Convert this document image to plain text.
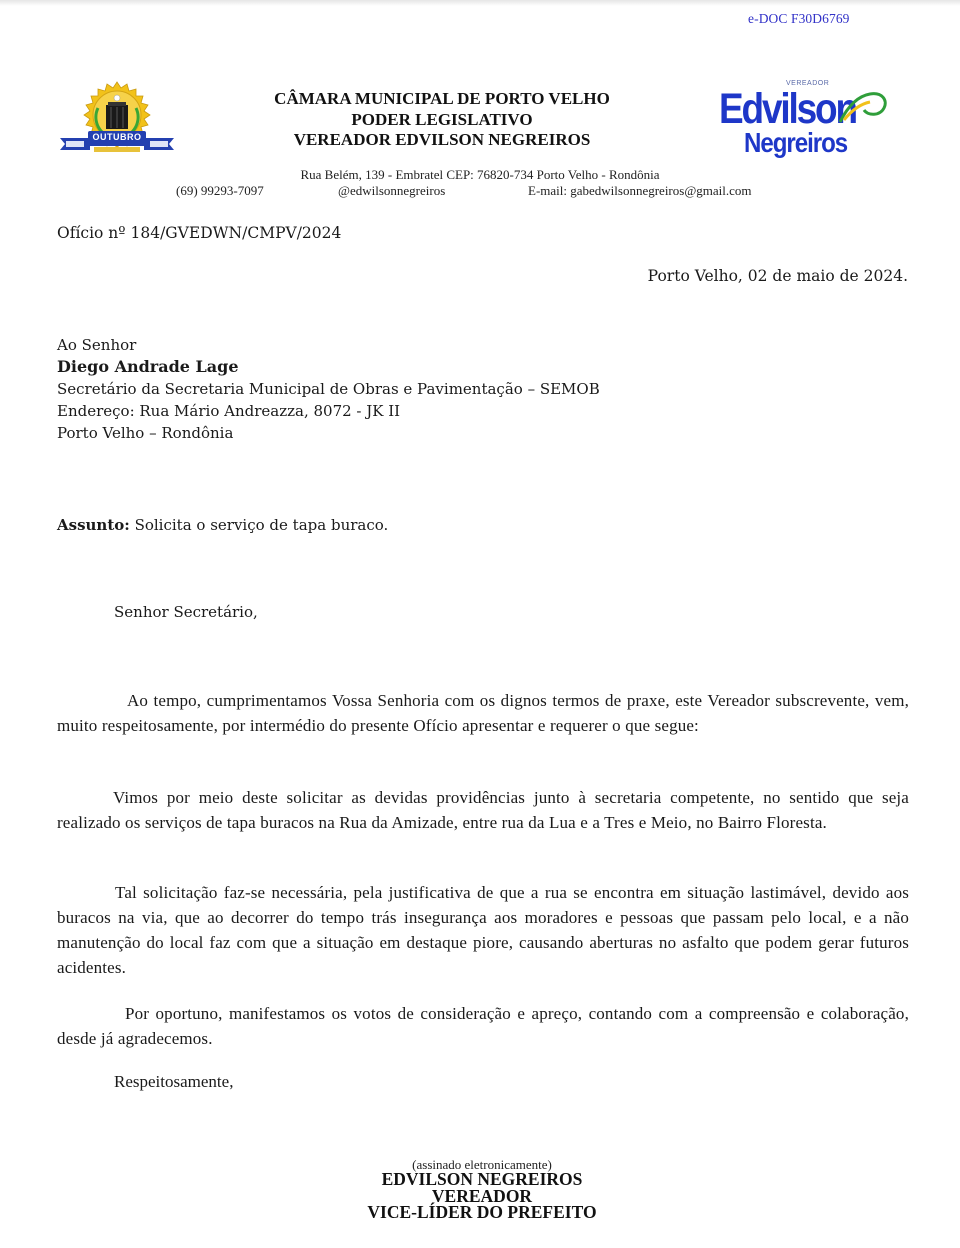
e-DOC F30D6769
OUTUBRO
CÂMARA MUNICIPAL DE PORTO VELHO
PODER LEGISLATIVO
VEREADOR EDVILSON NEGREIROS
VEREADOR
Edvilson
Negreiros
Rua Belém, 139 - Embratel CEP: 76820-734 Porto Velho - Rondônia
(69) 99293-7097	@edwilsonnegreiros	E-mail: gabedwilsonnegreiros@gmail.com
Ofício nº 184/GVEDWN/CMPV/2024
Porto Velho, 02 de maio de 2024.
Ao Senhor
Diego Andrade Lage
Secretário da Secretaria Municipal de Obras e Pavimentação – SEMOB
Endereço: Rua Mário Andreazza, 8072 - JK II
Porto Velho – Rondônia
Assunto: Solicita o serviço de tapa buraco.
Senhor Secretário,
Ao tempo, cumprimentamos Vossa Senhoria com os dignos termos de praxe, este Vereador subscrevente, vem, muito respeitosamente, por intermédio do presente Ofício apresentar e requerer o que segue:
Vimos por meio deste solicitar as devidas providências junto à secretaria competente, no sentido que seja realizado os serviços de tapa buracos na Rua da Amizade, entre rua da Lua e a Tres e Meio, no Bairro Floresta.
Tal solicitação faz-se necessária, pela justificativa de que a rua se encontra em situação lastimável, devido aos buracos na via, que ao decorrer do tempo trás insegurança aos moradores e pessoas que passam pelo local, e a não manutenção do local faz com que a situação em destaque piore, causando aberturas no asfalto que podem gerar futuros acidentes.
Por oportuno, manifestamos os votos de consideração e apreço, contando com a compreensão e colaboração, desde já agradecemos.
Respeitosamente,
(assinado eletronicamente)
EDVILSON NEGREIROS
VEREADOR
VICE-LÍDER DO PREFEITO
